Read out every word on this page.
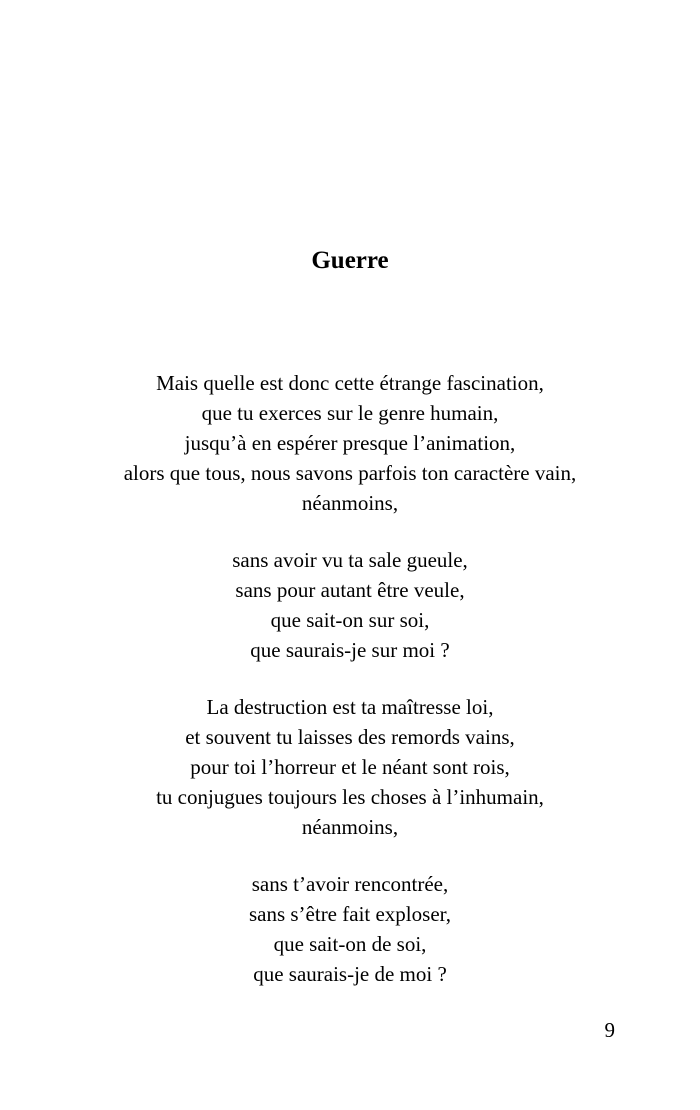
Guerre
Mais quelle est donc cette étrange fascination,
que tu exerces sur le genre humain,
jusqu’à en espérer presque l’animation,
alors que tous, nous savons parfois ton caractère vain,
néanmoins,
sans avoir vu ta sale gueule,
sans pour autant être veule,
que sait-on sur soi,
que saurais-je sur moi ?
La destruction est ta maîtresse loi,
et souvent tu laisses des remords vains,
pour toi l’horreur et le néant sont rois,
tu conjugues toujours les choses à l’inhumain,
néanmoins,
sans t’avoir rencontrée,
sans s’être fait exploser,
que sait-on de soi,
que saurais-je de moi ?
9
